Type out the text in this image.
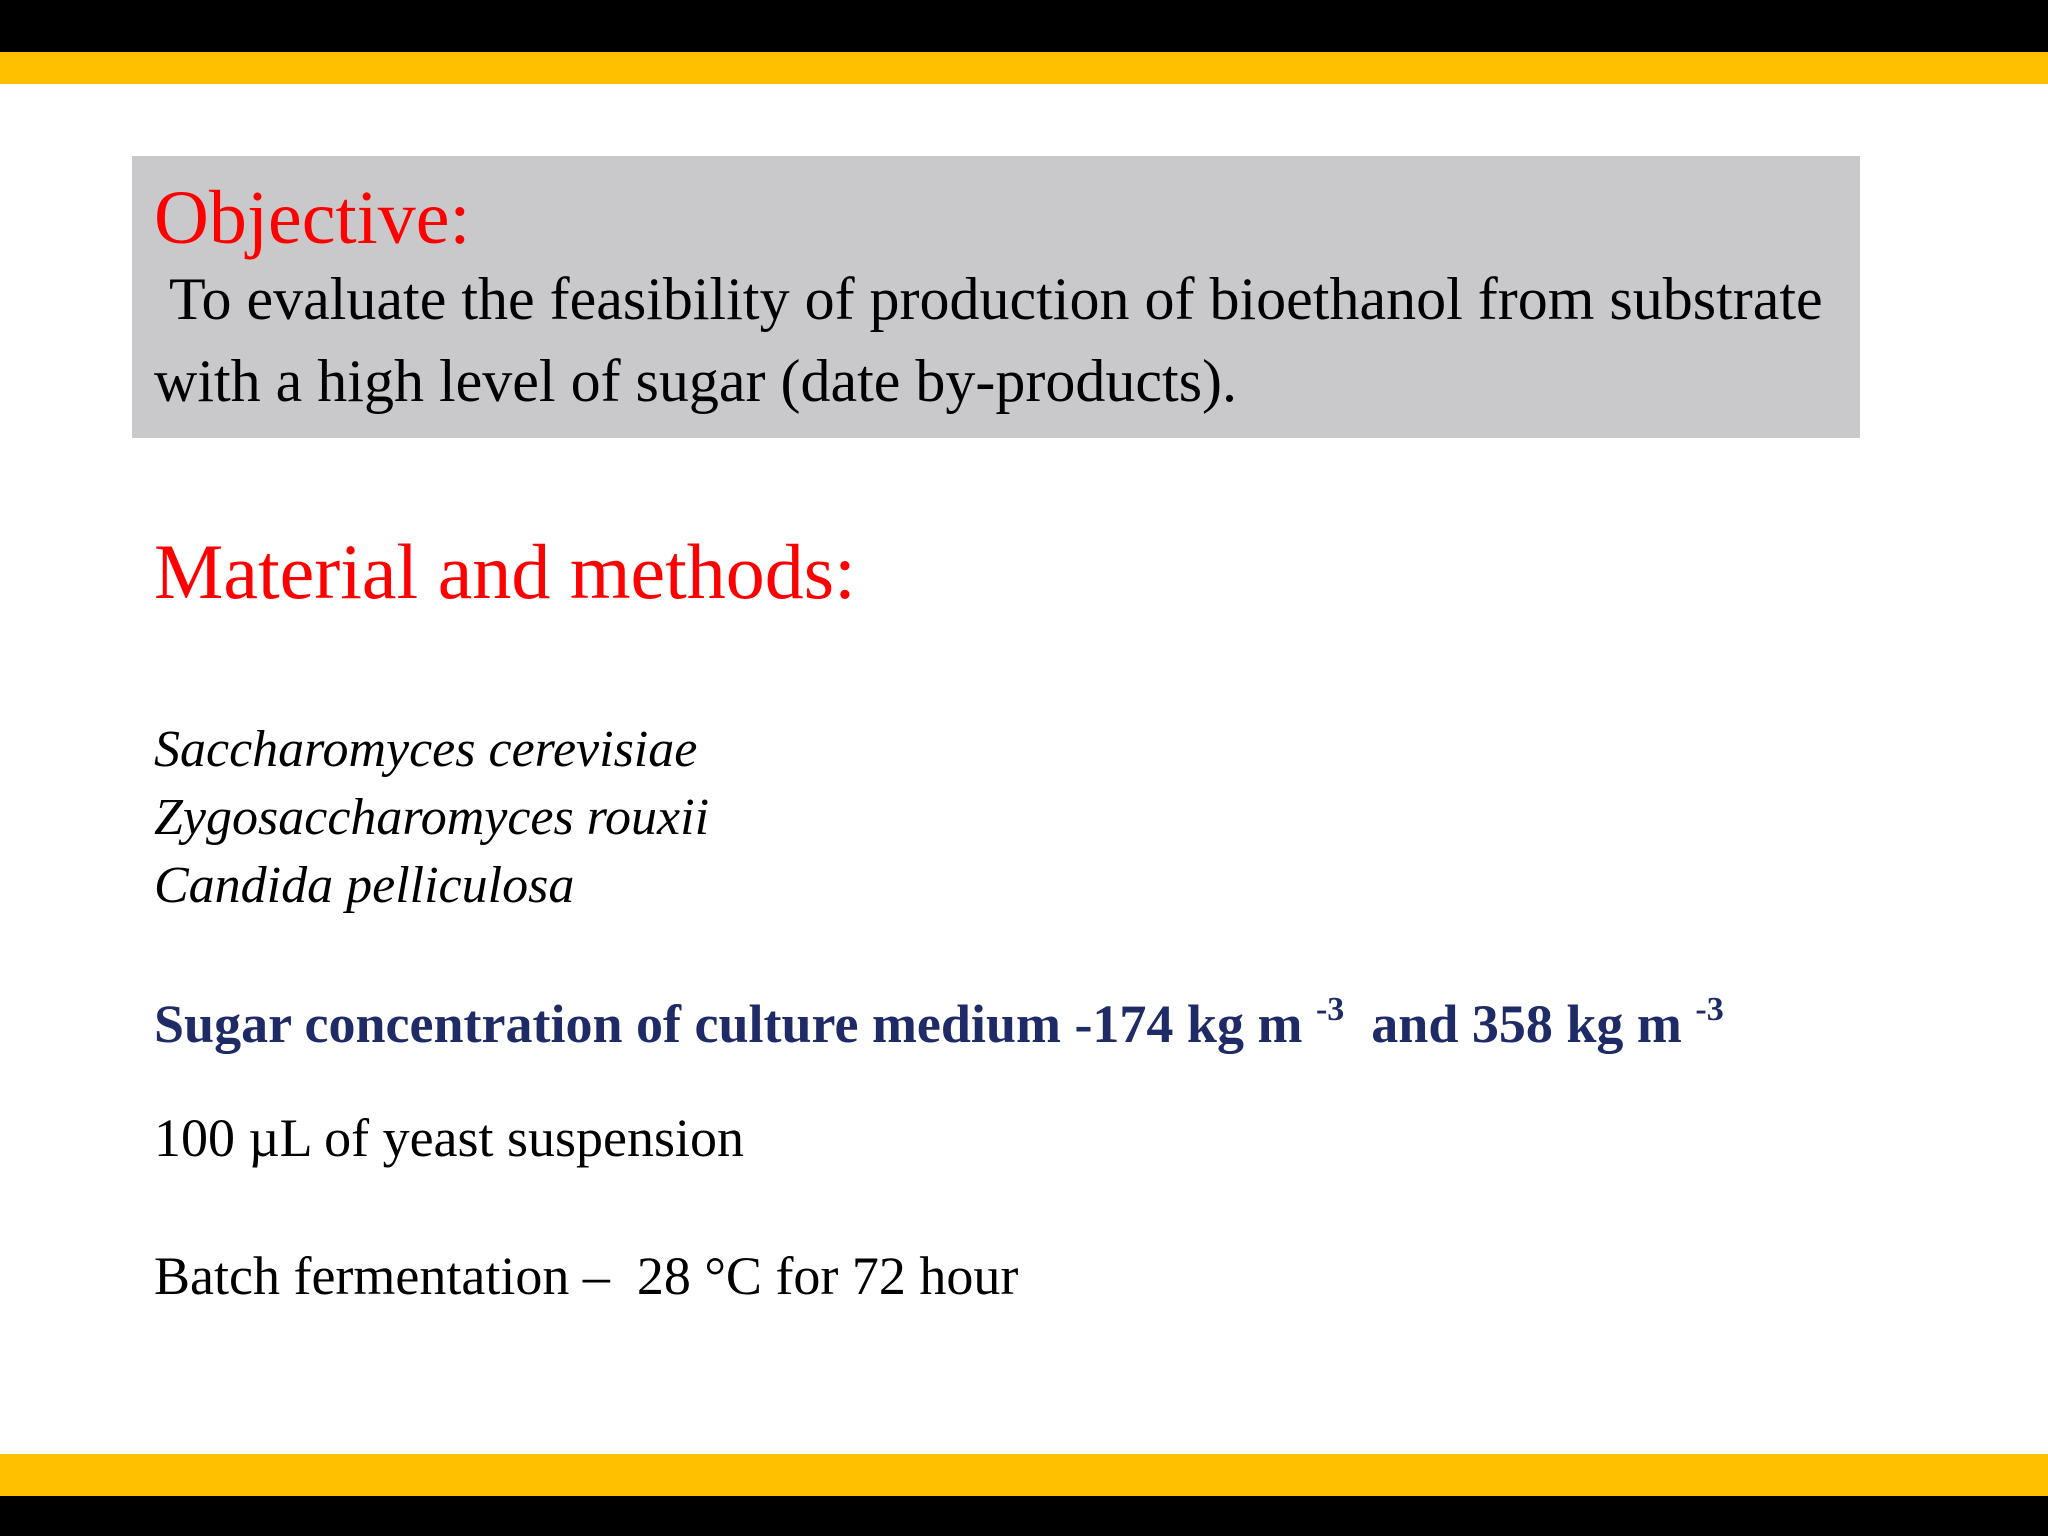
Objective:

To evaluate the feasibility of production of bioethanol from substrate with a high level of sugar (date by-products).

Material and methods:

Saccharomyces cerevisiae
Zygosaccharomyces rouxii
Candida pelliculosa
Sugar concentration of culture medium -174 kg m $^{-3}$  and 358 kg m $^{-3}$
100 µL of yeast suspension
Batch fermentation –  28 °C for 72 hour
